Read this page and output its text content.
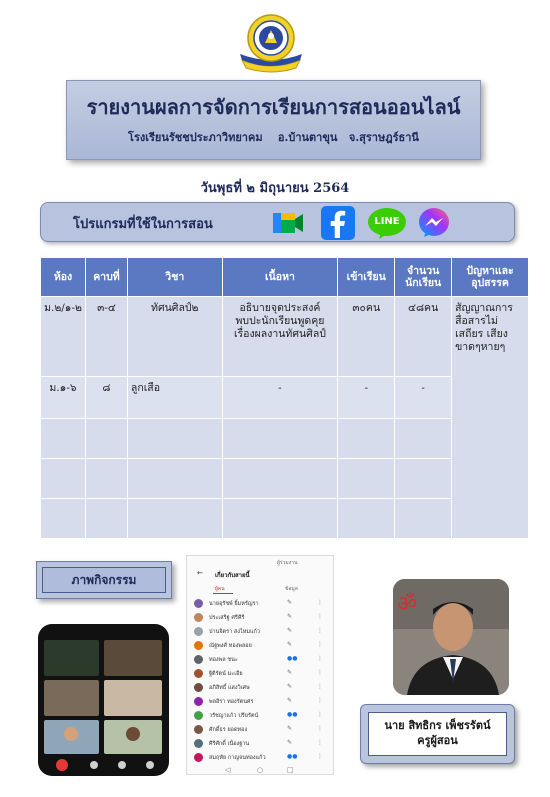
รายงานผลการจัดการเรียนการสอนออนไลน์
โรงเรียนรัชชประภาวิทยาคม อ.บ้านตาขุน จ.สุราษฎร์ธานี
วันพุธที่ ๒ มิถุนายน 2564
โปรแกรมที่ใช้ในการสอน	LINE
ห้อง	คาบที่	วิชา	เนื้อหา	เข้าเรียน	จำนวนนักเรียน	ปัญหาและอุปสรรค
ม.๒/๑-๒	๓-๔	ทัศนศิลป์๒	อธิบายจุดประสงค์ พบปะนักเรียนพูดคุยเรื่องผลงานทัศนศิลป์	๓๐คน	๔๘คน	สัญญาณการสื่อสารไม่เสถียร เสียงขาดๆหายๆ
ม.๑-๖	๘	ลูกเสือ	-	-	-	

ภาพกิจกรรม
ผู้ร่วมงาน
← เกี่ยวกับสายนี้
ผู้คน	ข้อมูล
นายอุรัชพ์ ยิ้มหรัญรา	✎	⋮
ประเสริฐ ศรีคีรี	✎	⋮
ปานจิตรา สงไหมแก้ว	✎	⋮
ณัฐพงศ์ ทองพลอย	✎	⋮
ทองพล ชนะ	●●	⋮
ฐิติรัตน์ มะเอีย	✎	⋮
อภิสิทธิ์ แสงวิเศษ	✎	⋮
พลอีรา ทองรัตนศร	✎	⋮
วรัชญาแก้ว ปรียรัตน์	●●	⋮
ศักดิ์ธร ยอดทอง	✎	⋮
ศิริศักดิ์ เนื่องฐาน	✎	⋮
สมฤทัย กาญจนทองแก้ว	●●	⋮
◁	○	□
ॐ
นาย สิทธิกร เพ็ชรรัตน์
ครูผู้สอน
